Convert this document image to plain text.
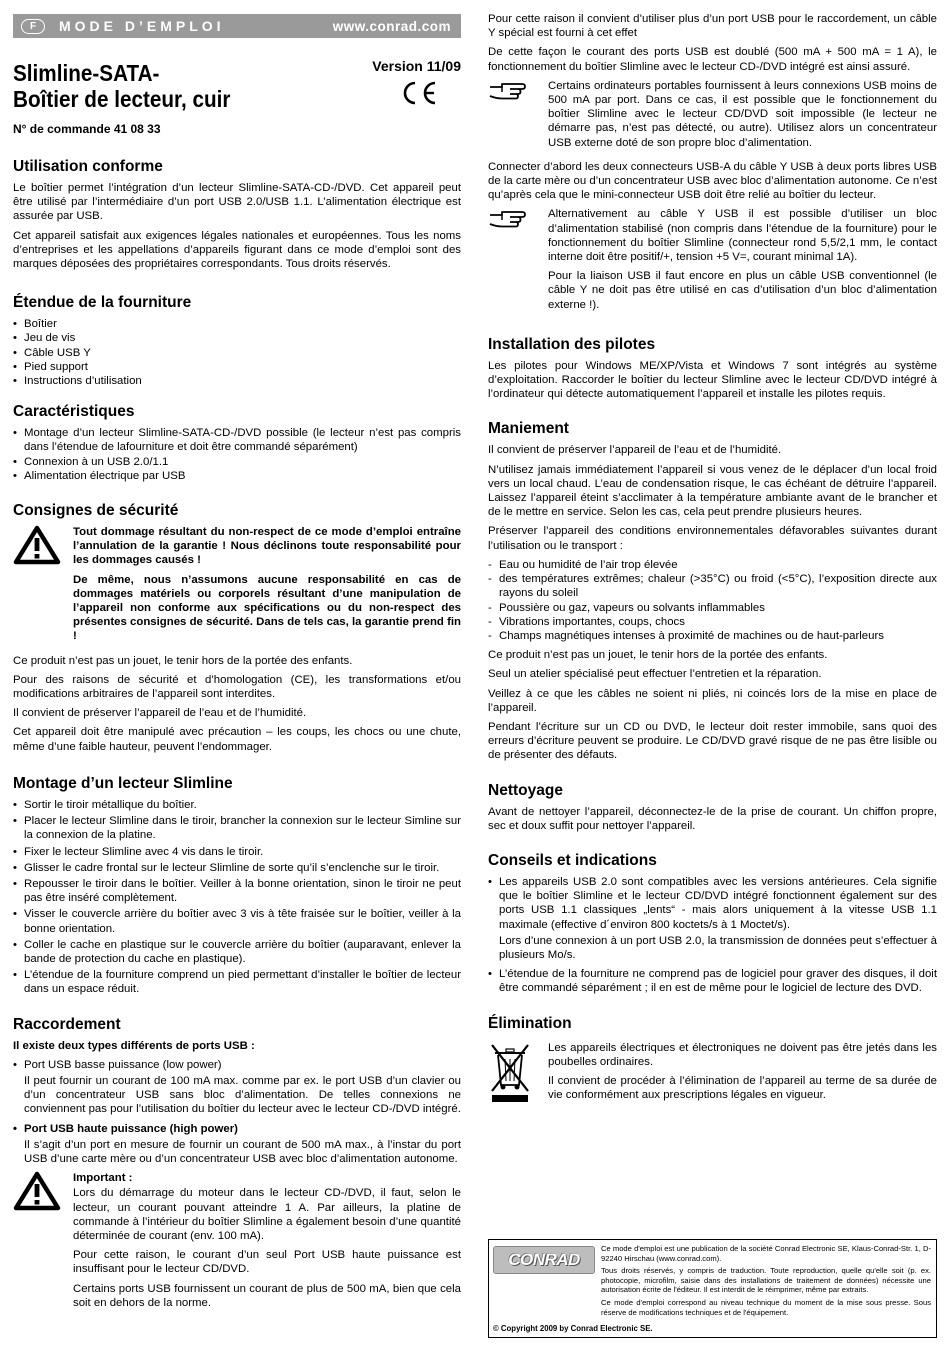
F	MODE D’EMPLOI	www.conrad.com
Slimline-SATA-
Boîtier de lecteur, cuir
Version 11/09
N° de commande 41 08 33
Utilisation conforme

Le boîtier permet l’intégration d’un lecteur Slimline-SATA-CD-/DVD. Cet appareil peut être utilisé par l’intermédiaire d’un port USB 2.0/USB 1.1. L’alimentation électrique est assurée par USB.

Cet appareil satisfait aux exigences légales nationales et européennes. Tous les noms d’entreprises et les appellations d’appareils figurant dans ce mode d’emploi sont des marques déposées des propriétaires correspondants. Tous droits réservés.

Étendue de la fourniture
• Boîtier
• Jeu de vis
• Câble USB Y
• Pied support
• Instructions d’utilisation
Caractéristiques
• Montage d’un lecteur Slimline-SATA-CD-/DVD possible (le lecteur n’est pas compris dans l’étendue de lafourniture et doit être commandé séparément)
• Connexion à un USB 2.0/1.1
• Alimentation électrique par USB
Consignes de sécurité

Tout dommage résultant du non-respect de ce mode d’emploi entraîne l’annulation de la garantie ! Nous déclinons toute responsabilité pour les dommages causés !

De même, nous n’assumons aucune responsabilité en cas de dommages matériels ou corporels résultant d’une manipulation de l’appareil non conforme aux spécifications ou du non-respect des présentes consignes de sécurité. Dans de tels cas, la garantie prend fin !

Ce produit n’est pas un jouet, le tenir hors de la portée des enfants.

Pour des raisons de sécurité et d’homologation (CE), les transformations et/ou modifications arbitraires de l’appareil sont interdites.

Il convient de préserver l’appareil de l’eau et de l’humidité.

Cet appareil doit être manipulé avec précaution – les coups, les chocs ou une chute, même d’une faible hauteur, peuvent l’endommager.

Montage d’un lecteur Slimline
• Sortir le tiroir métallique du boîtier.
• Placer le lecteur Slimline dans le tiroir, brancher la connexion sur le lecteur Simline sur la connexion de la platine.
• Fixer le lecteur Slimline avec 4 vis dans le tiroir.
• Glisser le cadre frontal sur le lecteur Slimline de sorte qu’il s’enclenche sur le tiroir.
• Repousser le tiroir dans le boîtier. Veiller à la bonne orientation, sinon le tiroir ne peut pas être inséré complètement.
• Visser le couvercle arrière du boîtier avec 3 vis à tête fraisée sur le boîtier, veiller à la bonne orientation.
• Coller le cache en plastique sur le couvercle arrière du boîtier (auparavant, enlever la bande de protection du cache en plastique).
• L’étendue de la fourniture comprend un pied permettant d’installer le boîtier de lecteur dans un espace réduit.
Raccordement

Il existe deux types différents de ports USB :

• Port USB basse puissance (low power)

Il peut fournir un courant de 100 mA max. comme par ex. le port USB d’un clavier ou d’un concentrateur USB sans bloc d’alimentation. De telles connexions ne conviennent pas pour l’utilisation du boîtier du lecteur avec le lecteur CD-/DVD intégré.

• Port USB haute puissance (high power)

Il s’agit d’un port en mesure de fournir un courant de 500 mA max., à l’instar du port USB d’une carte mère ou d’un concentrateur USB avec bloc d’alimentation autonome.

Important :

Lors du démarrage du moteur dans le lecteur CD-/DVD, il faut, selon le lecteur, un courant pouvant atteindre 1 A. Par ailleurs, la platine de commande à l’intérieur du boîtier Slimline a également besoin d’une quantité déterminée de courant (env. 100 mA).

Pour cette raison, le courant d’un seul Port USB haute puissance est insuffisant pour le lecteur CD/DVD.

Certains ports USB fournissent un courant de plus de 500 mA, bien que cela soit en dehors de la norme.

Pour cette raison il convient d’utiliser plus d’un port USB pour le raccordement, un câble Y spécial est fourni à cet effet

De cette façon le courant des ports USB est doublé (500 mA + 500 mA = 1 A), le fonctionnement du boîtier Slimline avec le lecteur CD-/DVD intégré est ainsi assuré.

Certains ordinateurs portables fournissent à leurs connexions USB moins de 500 mA par port. Dans ce cas, il est possible que le fonctionnement du boîtier Slimline avec le lecteur CD/DVD soit impossible (le lecteur ne démarre pas, n’est pas détecté, ou autre). Utilisez alors un concentrateur USB externe doté de son propre bloc d’alimentation.

Connecter d’abord les deux connecteurs USB-A du câble Y USB à deux ports libres USB de la carte mère ou d’un concentrateur USB avec bloc d’alimentation autonome. Ce n’est qu’après cela que le mini-connecteur USB doit être relié au boîtier du lecteur.

Alternativement au câble Y USB il est possible d’utiliser un bloc d’alimentation stabilisé (non compris dans l’étendue de la fourniture) pour le fonctionnement du boîtier Slimline (connecteur rond 5,5/2,1 mm, le contact interne doit être positif/+, tension +5 V=, courant minimal 1A).

Pour la liaison USB il faut encore en plus un câble USB conventionnel (le câble Y ne doit pas être utilisé en cas d’utilisation d’un bloc d’alimentation externe !).

Installation des pilotes

Les pilotes pour Windows ME/XP/Vista et Windows 7 sont intégrés au système d’exploitation. Raccorder le boîtier du lecteur Slimline avec le lecteur CD/DVD intégré à l’ordinateur qui détecte automatiquement l’appareil et installe les pilotes requis.

Maniement

Il convient de préserver l’appareil de l’eau et de l’humidité.

N’utilisez jamais immédiatement l’appareil si vous venez de le déplacer d’un local froid vers un local chaud. L’eau de condensation risque, le cas échéant de détruire l’appareil. Laissez l’appareil éteint s’acclimater à la température ambiante avant de le brancher et de le mettre en service. Selon les cas, cela peut prendre plusieurs heures.

Préserver l’appareil des conditions environnementales défavorables suivantes durant l’utilisation ou le transport :

- Eau ou humidité de l’air trop élevée
- des températures extrêmes; chaleur (>35°C) ou froid (<5°C), l’exposition directe aux rayons du soleil
- Poussière ou gaz, vapeurs ou solvants inflammables
- Vibrations importantes, coups, chocs
- Champs magnétiques intenses à proximité de machines ou de haut-parleurs

Ce produit n’est pas un jouet, le tenir hors de la portée des enfants.

Seul un atelier spécialisé peut effectuer l’entretien et la réparation.

Veillez à ce que les câbles ne soient ni pliés, ni coincés lors de la mise en place de l’appareil.

Pendant l’écriture sur un CD ou DVD, le lecteur doit rester immobile, sans quoi des erreurs d’écriture peuvent se produire. Le CD/DVD gravé risque de ne pas être lisible ou de présenter des défauts.

Nettoyage

Avant de nettoyer l’appareil, déconnectez-le de la prise de courant. Un chiffon propre, sec et doux suffit pour nettoyer l’appareil.

Conseils et indications
• Les appareils USB 2.0 sont compatibles avec les versions antérieures. Cela signifie que le boîtier Slimline et le lecteur CD/DVD intégré fonctionnent également sur des ports USB 1.1 classiques „lents“ - mais alors uniquement à la vitesse USB 1.1 maximale (effective d´environ 800 koctets/s à 1 Moctet/s).

Lors d’une connexion à un port USB 2.0, la transmission de données peut s’effectuer à plusieurs Mo/s.

• L’étendue de la fourniture ne comprend pas de logiciel pour graver des disques, il doit être commandé séparément ; il en est de même pour le logiciel de lecture des DVD.
Élimination

Les appareils électriques et électroniques ne doivent pas être jetés dans les poubelles ordinaires.

Il convient de procéder à l’élimination de l’appareil au terme de sa durée de vie conformément aux prescriptions légales en vigueur.

CONRAD

Ce mode d'emploi est une publication de la société Conrad Electronic SE, Klaus-Conrad-Str. 1, D-92240 Hirschau (www.conrad.com).

Tous droits réservés, y compris de traduction. Toute reproduction, quelle qu'elle soit (p. ex. photocopie, microfilm, saisie dans des installations de traitement de données) nécessite une autorisation écrite de l'éditeur. Il est interdit de le réimprimer, même par extraits.

Ce mode d'emploi correspond au niveau technique du moment de la mise sous presse. Sous réserve de modifications techniques et de l'équipement.

© Copyright 2009 by Conrad Electronic SE.
